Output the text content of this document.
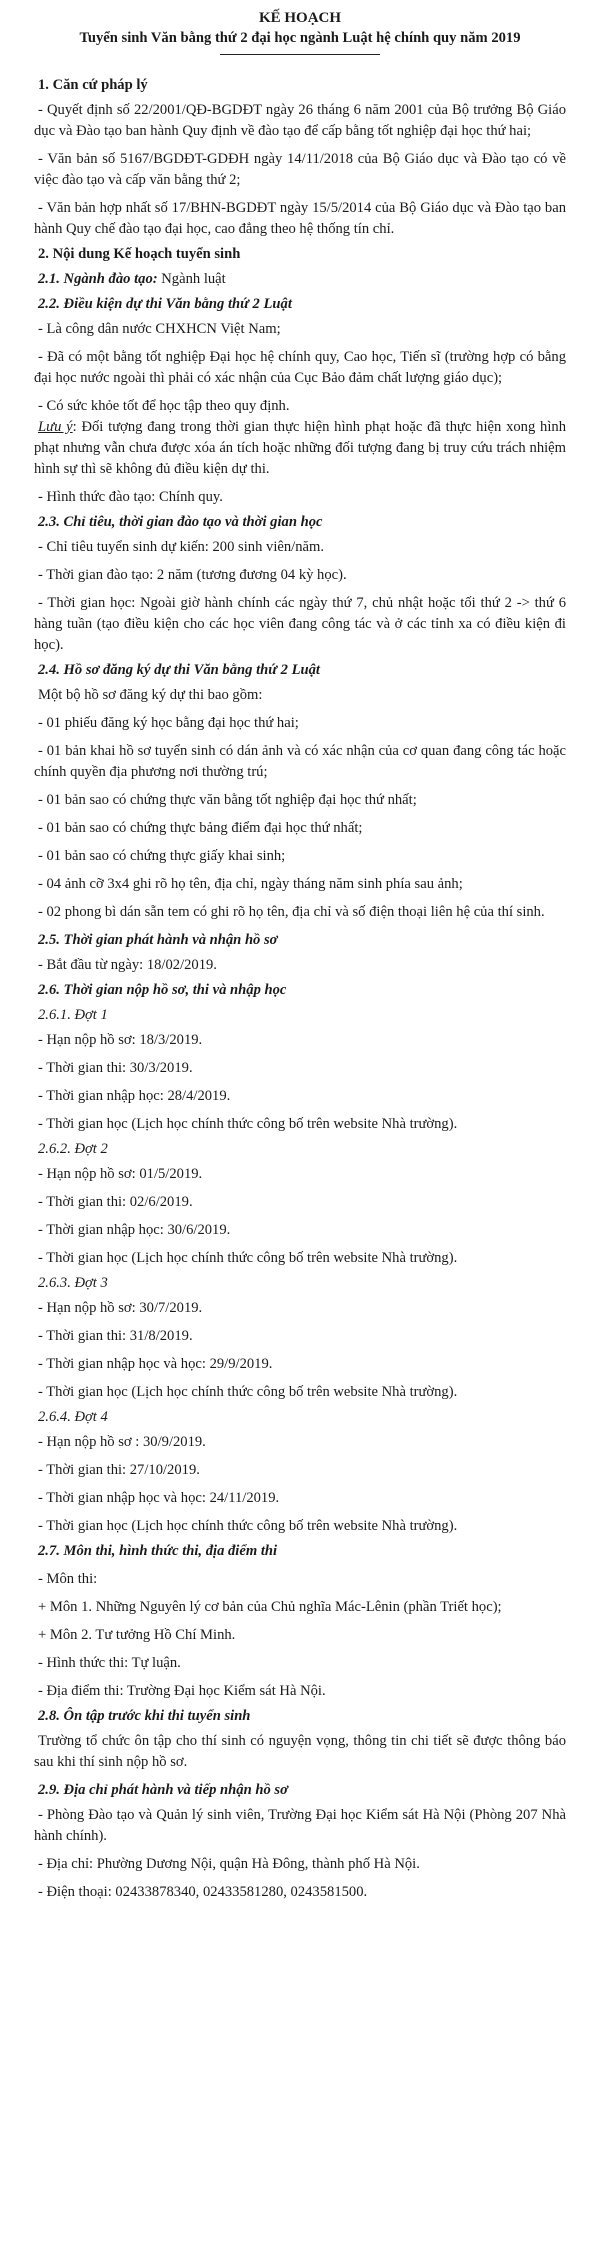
KẾ HOẠCH
Tuyển sinh Văn bằng thứ 2 đại học ngành Luật hệ chính quy năm 2019
1. Căn cứ pháp lý

- Quyết định số 22/2001/QĐ-BGDĐT ngày 26 tháng 6 năm 2001 của Bộ trưởng Bộ Giáo dục và Đào tạo ban hành Quy định về đào tạo để cấp bằng tốt nghiệp đại học thứ hai;

- Văn bản số 5167/BGDĐT-GDĐH ngày 14/11/2018 của Bộ Giáo dục và Đào tạo có về việc đào tạo và cấp văn bằng thứ 2;

- Văn bản hợp nhất số 17/BHN-BGDĐT ngày 15/5/2014 của Bộ Giáo dục và Đào tạo ban hành Quy chế đào tạo đại học, cao đẳng theo hệ thống tín chỉ.

2. Nội dung Kế hoạch tuyển sinh

2.1. Ngành đào tạo: Ngành luật

2.2. Điều kiện dự thi Văn bằng thứ 2 Luật

- Là công dân nước CHXHCN Việt Nam;

- Đã có một bằng tốt nghiệp Đại học hệ chính quy, Cao học, Tiến sĩ (trường hợp có bằng đại học nước ngoài thì phải có xác nhận của Cục Bảo đảm chất lượng giáo dục);

- Có sức khỏe tốt để học tập theo quy định.

Lưu ý: Đối tượng đang trong thời gian thực hiện hình phạt hoặc đã thực hiện xong hình phạt nhưng vẫn chưa được xóa án tích hoặc những đối tượng đang bị truy cứu trách nhiệm hình sự thì sẽ không đủ điều kiện dự thi.

- Hình thức đào tạo: Chính quy.

2.3. Chỉ tiêu, thời gian đào tạo và thời gian học

- Chỉ tiêu tuyển sinh dự kiến: 200 sinh viên/năm.

- Thời gian đào tạo: 2 năm (tương đương 04 kỳ học).

- Thời gian học: Ngoài giờ hành chính các ngày thứ 7, chủ nhật hoặc tối thứ 2 -> thứ 6 hàng tuần (tạo điều kiện cho các học viên đang công tác và ở các tỉnh xa có điều kiện đi học).

2.4. Hồ sơ đăng ký dự thi Văn bằng thứ 2 Luật

Một bộ hồ sơ đăng ký dự thi bao gồm:

- 01 phiếu đăng ký học bằng đại học thứ hai;

- 01 bản khai hồ sơ tuyển sinh có dán ảnh và có xác nhận của cơ quan đang công tác hoặc chính quyền địa phương nơi thường trú;

- 01 bản sao có chứng thực văn bằng tốt nghiệp đại học thứ nhất;

- 01 bản sao có chứng thực bảng điểm đại học thứ nhất;

- 01 bản sao có chứng thực giấy khai sinh;

- 04 ảnh cỡ 3x4 ghi rõ họ tên, địa chỉ, ngày tháng năm sinh phía sau ảnh;

- 02 phong bì dán sẵn tem có ghi rõ họ tên, địa chỉ và số điện thoại liên hệ của thí sinh.

2.5. Thời gian phát hành và nhận hồ sơ

- Bắt đầu từ ngày: 18/02/2019.

2.6. Thời gian nộp hồ sơ, thi và nhập học
2.6.1. Đợt 1

- Hạn nộp hồ sơ: 18/3/2019.

- Thời gian thi: 30/3/2019.

- Thời gian nhập học: 28/4/2019.

- Thời gian học (Lịch học chính thức công bố trên website Nhà trường).

2.6.2. Đợt 2

- Hạn nộp hồ sơ: 01/5/2019.

- Thời gian thi: 02/6/2019.

- Thời gian nhập học: 30/6/2019.

- Thời gian học (Lịch học chính thức công bố trên website Nhà trường).

2.6.3. Đợt 3

- Hạn nộp hồ sơ: 30/7/2019.

- Thời gian thi: 31/8/2019.

- Thời gian nhập học và học: 29/9/2019.

- Thời gian học (Lịch học chính thức công bố trên website Nhà trường).

2.6.4. Đợt 4

- Hạn nộp hồ sơ : 30/9/2019.

- Thời gian thi: 27/10/2019.

- Thời gian nhập học và học: 24/11/2019.

- Thời gian học (Lịch học chính thức công bố trên website Nhà trường).

2.7. Môn thi, hình thức thi, địa điểm thi

- Môn thi:

+ Môn 1. Những Nguyên lý cơ bản của Chủ nghĩa Mác-Lênin (phần Triết học);

+ Môn 2. Tư tưởng Hồ Chí Minh.

- Hình thức thi: Tự luận.

- Địa điểm thi: Trường Đại học Kiểm sát Hà Nội.

2.8. Ôn tập trước khi thi tuyển sinh

Trường tổ chức ôn tập cho thí sinh có nguyện vọng, thông tin chi tiết sẽ được thông báo sau khi thí sinh nộp hồ sơ.

2.9. Địa chỉ phát hành và tiếp nhận hồ sơ

- Phòng Đào tạo và Quản lý sinh viên, Trường Đại học Kiểm sát Hà Nội (Phòng 207 Nhà hành chính).

- Địa chỉ: Phường Dương Nội, quận Hà Đông, thành phố Hà Nội.

- Điện thoại: 02433878340, 02433581280, 0243581500.
